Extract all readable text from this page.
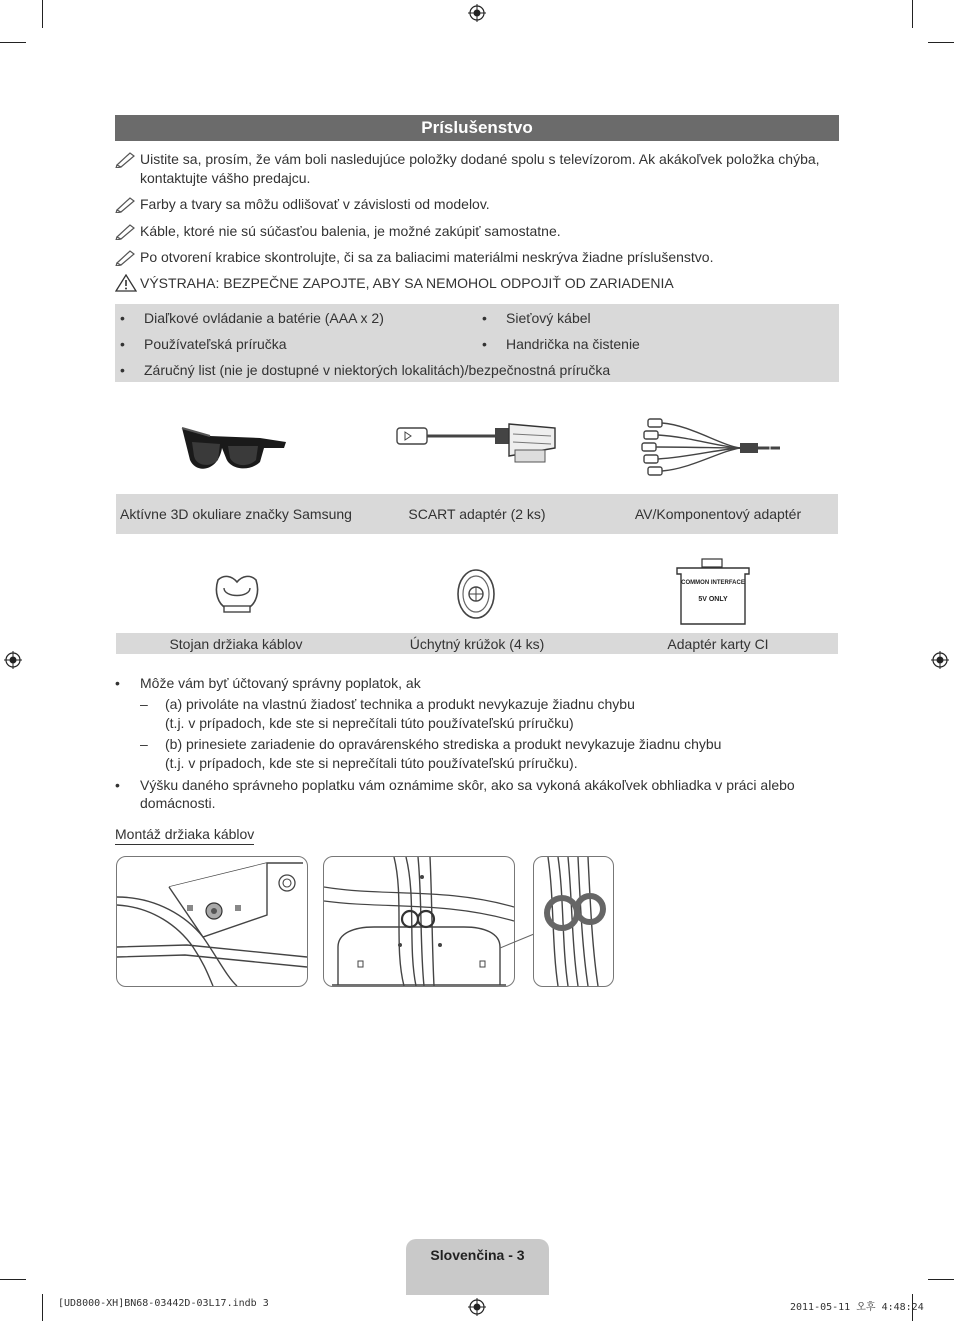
Príslušenstvo
Uistite sa, prosím, že vám boli nasledujúce položky dodané spolu s televízorom. Ak akákoľvek položka chýba, kontaktujte vášho predajcu.
Farby a tvary sa môžu odlišovať v závislosti od modelov.
Káble, ktoré nie sú súčasťou balenia, je možné zakúpiť samostatne.
Po otvorení krabice skontrolujte, či sa za baliacimi materiálmi neskrýva žiadne príslušenstvo.
VÝSTRAHA: BEZPEČNE ZAPOJTE, ABY SA NEMOHOL ODPOJIŤ OD ZARIADENIA
•	Diaľkové ovládanie a batérie (AAA x 2)	•	Sieťový kábel
•	Používateľská príručka	•	Handrička na čistenie
•	Záručný list (nie je dostupné v niektorých lokalitách)/bezpečnostná príručka
Aktívne 3D okuliare značky Samsung	SCART adaptér (2 ks)	AV/Komponentový adaptér
COMMON INTERFACE
5V ONLY
Stojan držiaka káblov	Úchytný krúžok (4 ks)	Adaptér karty CI
• Môže vám byť účtovaný správny poplatok, ak
– (a) privoláte na vlastnú žiadosť technika a produkt nevykazuje žiadnu chybu
(t.j. v prípadoch, kde ste si neprečítali túto používateľskú príručku)
– (b) prinesiete zariadenie do opravárenského strediska a produkt nevykazuje žiadnu chybu
(t.j. v prípadoch, kde ste si neprečítali túto používateľskú príručku).
• Výšku daného správneho poplatku vám oznámime skôr, ako sa vykoná akákoľvek obhliadka v práci alebo
domácnosti.
Montáž držiaka káblov
Slovenčina - 3
[UD8000-XH]BN68-03442D-03L17.indb 3	2011-05-11 오후 4:48:24
